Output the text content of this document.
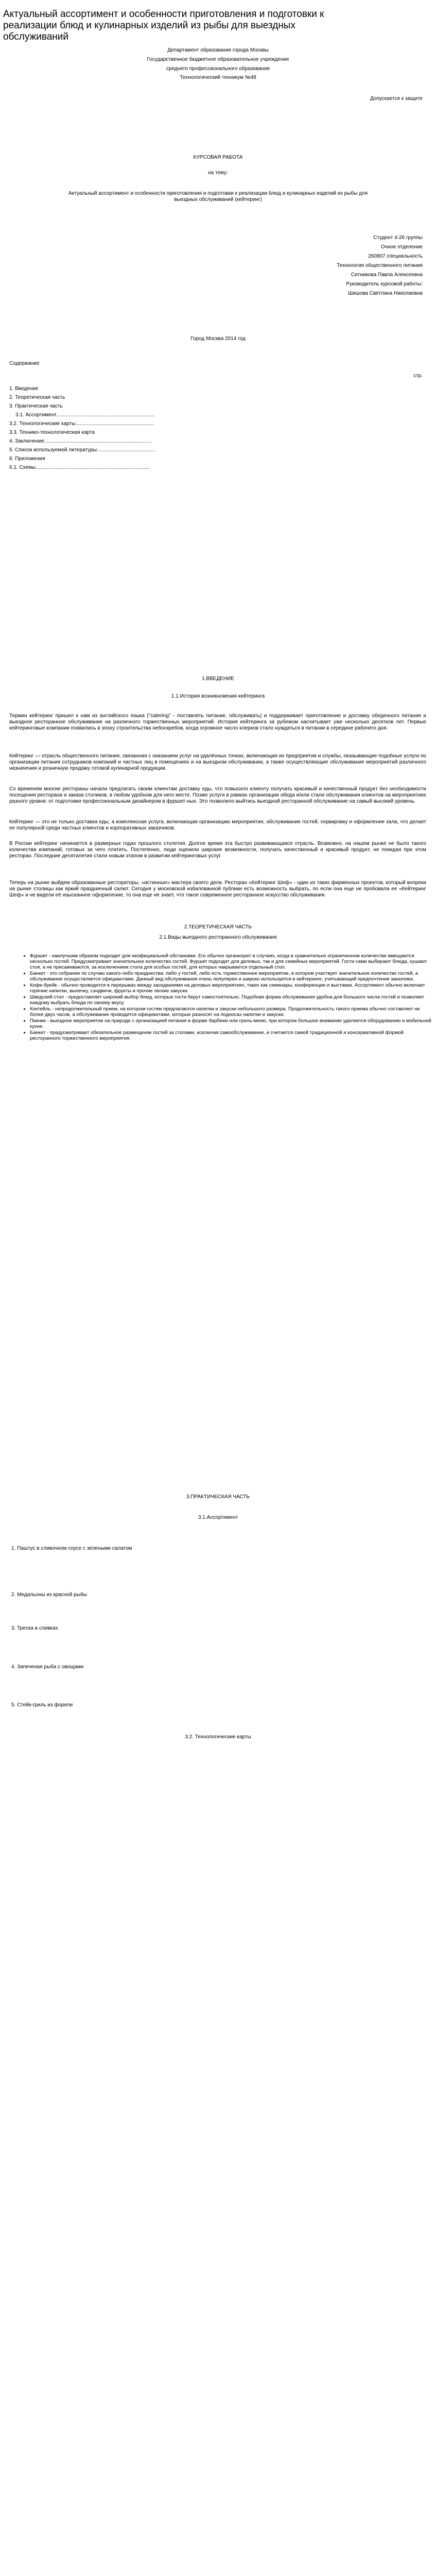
Актуальный ассортимент и особенности приготовления и подготовки к реализации блюд и кулинарных изделий из рыбы для выездных обслуживаний
Департамент образования города Москвы
Государственное бюджетное образовательное учреждение
среднего профессионального образования
Технологический техникум №48
Допускается к защите
КУРСОВАЯ РАБОТА
на тему:
Актуальный ассортимент и особенности приготовления и подготовки к реализации блюд и кулинарных изделий из рыбы для выездных обслуживаний (кейтеринг)
Студент 4-26 группы
Очное отделение
260807 специальность
Технология общественного питания
Ситникова Павла Алексеевна
Руководитель курсовой работы:
Шишова Светлана Николаевна
Город Москва 2014 год
Содержание
стр.
1. Введение
2. Теоретическая часть
3. Практическая часть
3.1. Ассортимент.....................................................................
3.2. Технологические карты.......................................................
3.3. Технико-технологическая карта
4. Заключение...........................................................................
5. Список используемой литературы.........................................
6. Приложения
6.1. Схемы................................................................................
1.ВВЕДЕНИЕ
1.1.История возникновения кейтеринга
Термин кейтеринг пришел к нам из английского языка ("catering" - поставлять питание, обслуживать) и поддерживает приготовление и доставку обеденного питания и выездное ресторанное обслуживание на различного торжественных мероприятий. История кейтеринга за рубежом насчитывает уже несколько десятков лет. Первые кейтеринговые компании появились в эпоху строительства небоскребов, когда огромное число клерков стало нуждаться в питании в середине рабочего дня.
Кейтеринг — отрасль общественного питания, связанная с оказанием услуг на удалённых точках, включающая их предприятия и службы, оказывающие подобные услуги по организации питания сотрудников компаний и частных лиц в помещениях и на выездном обслуживании, а также осуществляющие обслуживание мероприятий различного назначения и розничную продажу готовой кулинарной продукции.
Со временем многие рестораны начали предлагать своим клиентам доставку еды, что повысило клиенту получать красивый и качественный продукт без необходимости посещения ресторана и заказа столиков, в любом удобном для него месте. Позже услуги в рамках организации обеда и/или стали обслуживания клиентов на мероприятиях разного уровня: от подготовки профессиональным дизайнером в фуршет-ных. Это позволило выйтись выездной ресторанной обслуживание на самый высокий уровень.
Кейтеринг — это не только доставка еды, а комплексная услуга, включающая организацию мероприятия, обслуживание гостей, сервировку и оформление зала, что делает ее популярной среди частных клиентов и корпоративных заказчиков.
В России кейтеринг начинается в размерных годах прошлого столетия. Долгое время эта быстро развивающаяся отрасль. Возможно, на нашем рынке не было такого количества компаний, готовых за чего платить. Постепенно, люди оценили широкие возможности, получать качественный и красивый продукт, не покидая при этом ресторан. Последние десятилетия стали новым этапом в развитии кейтеринговых услуг.
Теперь на рынке выйдем образованные рестораторы, «истинные» мастера своего дела. Ресторан «Кейтеринг Шеф» - один из таких фирменных проектов, который вопреки на рынке столицы как яркий праздничный салют. Сегодня у московской избалованной публики есть возможность выбрать, по если она еще не пробовала ее «Кейтеринг Шеф» и не видели её изысканное оформление, то она еще не знает, что такое современное ресторанное искусство обслуживания.
2.ТЕОРЕТИЧЕСКАЯ ЧАСТЬ
2.1.Виды выездного ресторанного обслуживания
• Фуршет - наилучшим образом подходит для неофициальной обстановки. Его обычно организуют в случаях, когда в сравнительно ограниченном количестве вмещаются несколько гостей. Предусматривает значительное количество гостей. Фуршет подходит для деловых, так и для семейных мероприятий. Гости сами выбирают блюда, кушают стоя, а не присаживаются, за исключением стола для особых гостей, для которых накрывается отдельный стол.
• Банкет - это собрание по случаю какого-либо празднества: либо у гостей, либо есть торжественное мероприятие, в котором участвует значительное количество гостей, а обслуживание осуществляется официантами. Данный вид обслуживания очень популярен и широко используется в кейтеринге, учитывающий предпочтения заказчика.
• Кофе-брейк - обычно проводится в перерывах между заседаниями на деловых мероприятиях, таких как семинары, конференции и выставки. Ассортимент обычно включает горячие напитки, выпечку, сэндвичи, фрукты и прочие легкие закуски.
• Шведский стол - предоставляет широкий выбор блюд, которые гости берут самостоятельно. Подобная форма обслуживания удобна для большого числа гостей и позволяет каждому выбрать блюда по своему вкусу.
• Коктейль - непродолжительный прием, на котором гостям предлагаются напитки и закуски небольшого размера. Продолжительность такого приема обычно составляет не более двух часов, а обслуживание проводится официантами, которые разносят на подносах напитки и закуски.
• Пикник - выездное мероприятие на природе с организацией питания в форме барбекю или гриль-меню, при котором большое внимание уделяется оборудованию и мобильной кухне.
• Банкет - предусматривает обязательное размещение гостей за столами, исключая самообслуживание, и считается самой традиционной и консервативной формой ресторанного торжественного мероприятия.
3.ПРАКТИЧЕСКАЯ ЧАСТЬ
3.1.Ассортимент
1. Паштус в сливочном соусе с зелеными салатом
2. Медальоны из красной рыбы
3. Треска в сливках
4. Запеченая рыба с овощами
5. Стейк-гриль из форели
3.2. Технологические карты
